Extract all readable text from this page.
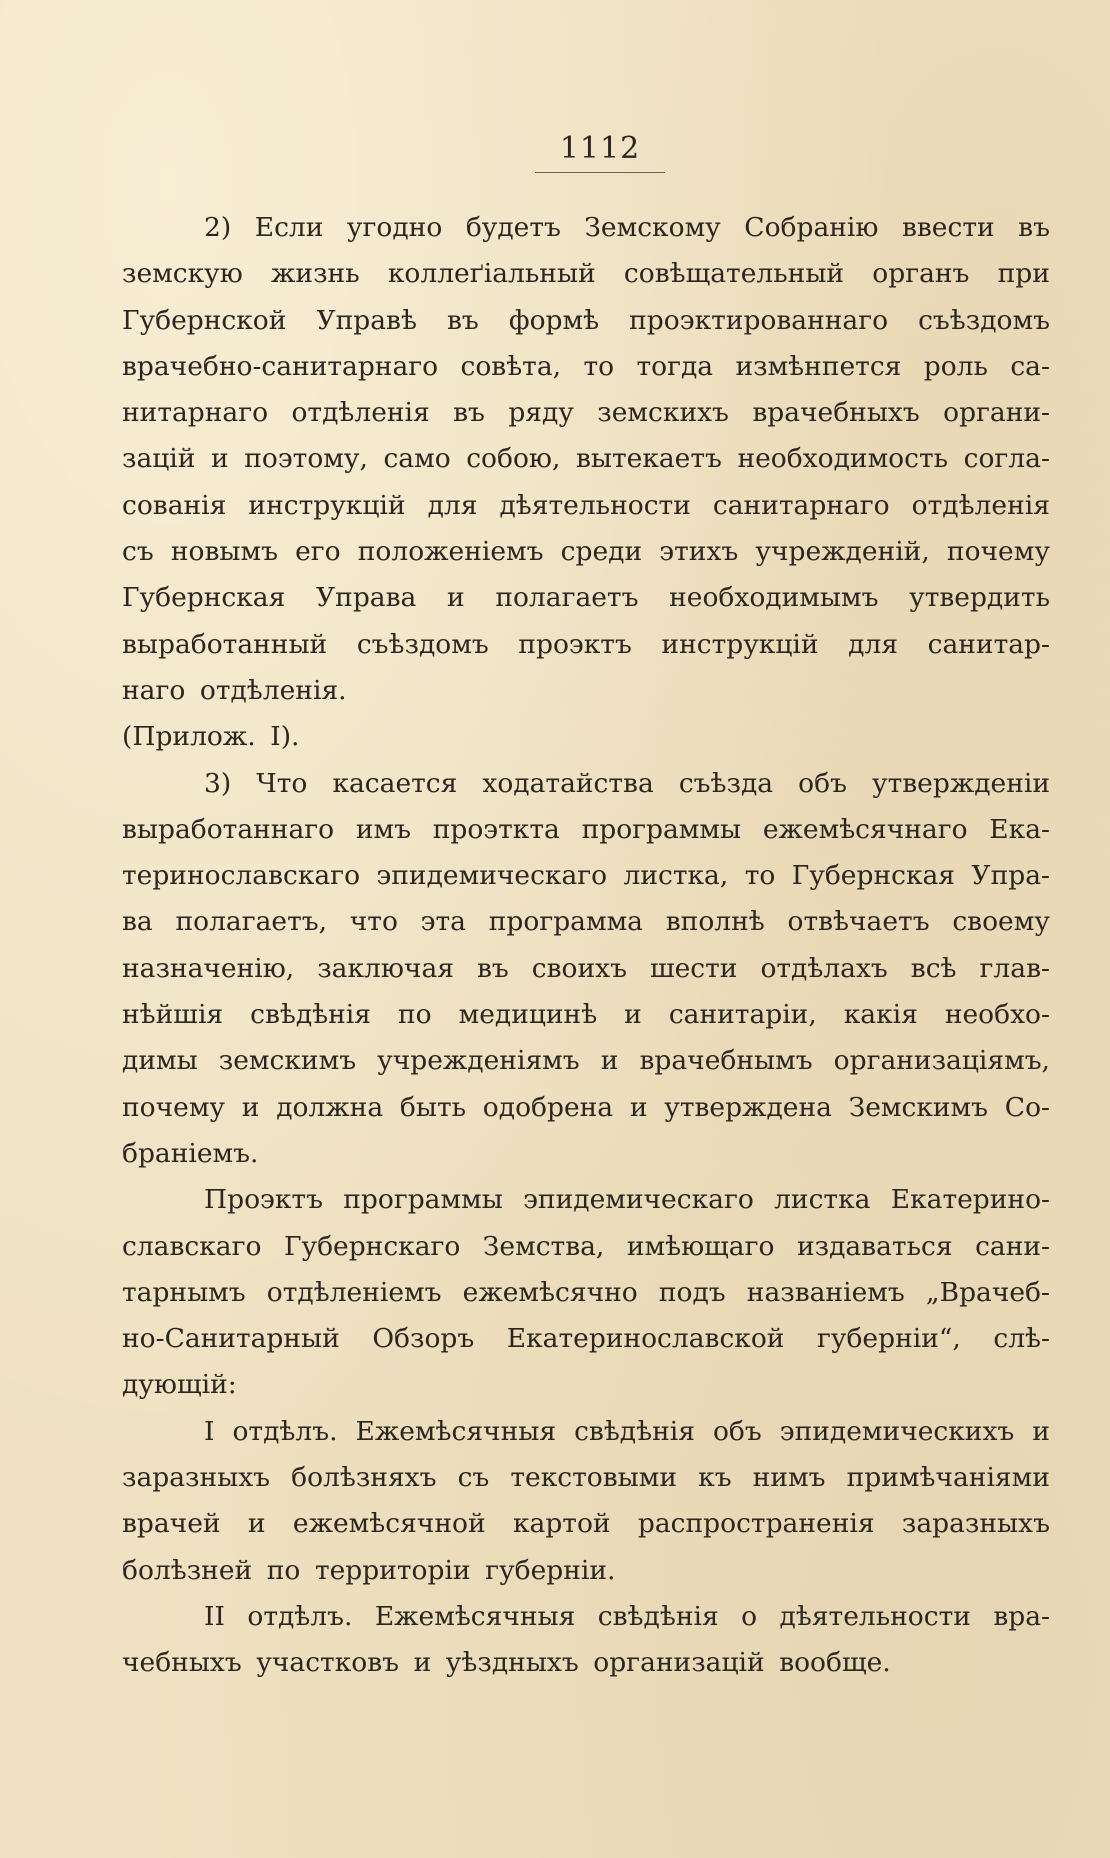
1112
2) Если угодно будетъ Земскому Собранію ввести въ
земскую жизнь коллеґіальный совѣщательный органъ при
Губернской Управѣ въ формѣ проэктированнаго съѣздомъ
врачебно-санитарнаго совѣта, то тогда измѣнпется роль са-
нитарнаго отдѣленія въ ряду земскихъ врачебныхъ органи-
зацій и поэтому, само собою, вытекаетъ необходимость согла-
сованія инструкцій для дѣятельности санитарнаго отдѣленія
съ новымъ его положеніемъ среди этихъ учрежденій, почему
Губернская Управа и полагаетъ необходимымъ утвердить
выработанный съѣздомъ проэктъ инструкцій для санитар-
наго отдѣленія.
(Прилож. I).
3) Что касается ходатайства съѣзда объ утвержденіи
выработаннаго имъ проэткта программы ежемѣсячнаго Ека-
теринославскаго эпидемическаго листка, то Губернская Упра-
ва полагаетъ, что эта программа вполнѣ отвѣчаетъ своему
назначенію, заключая въ своихъ шести отдѣлахъ всѣ глав-
нѣйшія свѣдѣнія по медицинѣ и санитаріи, какія необхо-
димы земскимъ учрежденіямъ и врачебнымъ организаціямъ,
почему и должна быть одобрена и утверждена Земскимъ Со-
браніемъ.
Проэктъ программы эпидемическаго листка Екатерино-
славскаго Губернскаго Земства, имѣющаго издаваться сани-
тарнымъ отдѣленіемъ ежемѣсячно подъ названіемъ „Врачеб-
но-Санитарный Обзоръ Екатеринославской губерніи“, слѣ-
дующій:
I отдѣлъ. Ежемѣсячныя свѣдѣнія объ эпидемическихъ и
заразныхъ болѣзняхъ съ текстовыми къ нимъ примѣчаніями
врачей и ежемѣсячной картой распространенія заразныхъ
болѣзней по территоріи губерніи.
II отдѣлъ. Ежемѣсячныя свѣдѣнія о дѣятельности вра-
чебныхъ участковъ и уѣздныхъ организацій вообще.
